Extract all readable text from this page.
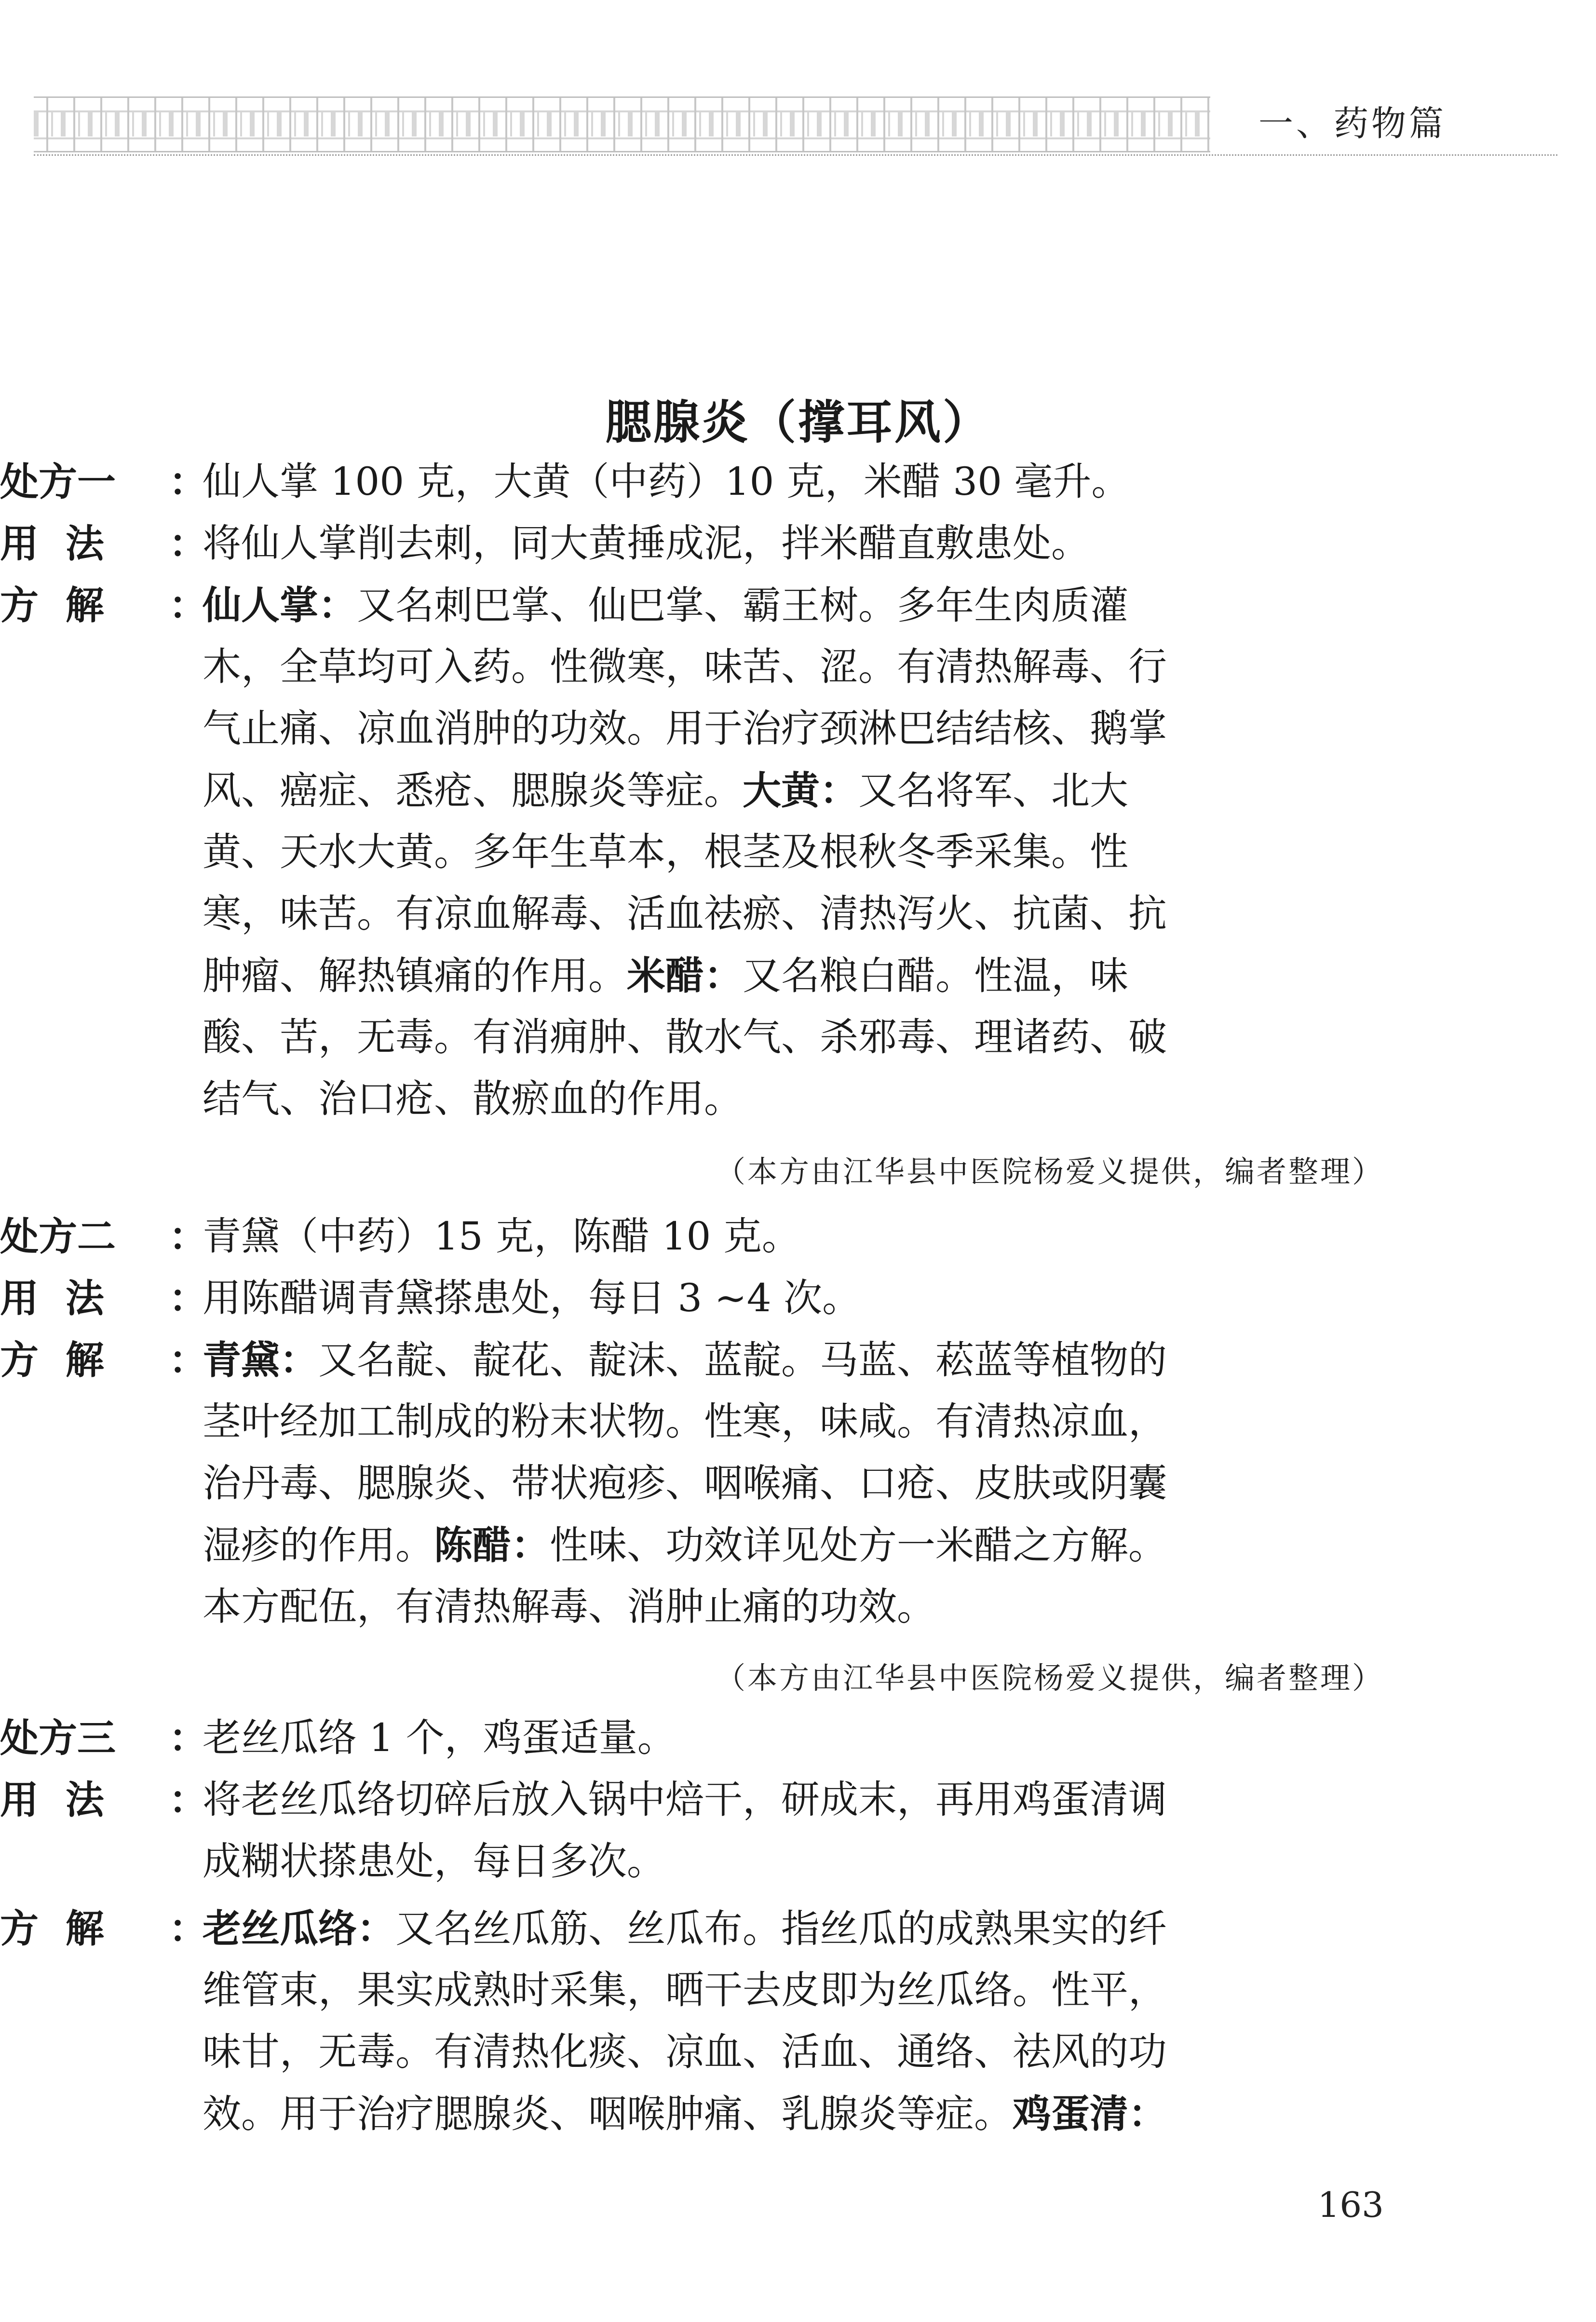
一、药物篇
腮腺炎（撑耳风）
处方一	：
仙人掌 100 克，大黄（中药）10 克，米醋 30 毫升。
用  法	：
将仙人掌削去刺，同大黄捶成泥，拌米醋直敷患处。
方  解	：
仙人掌：又名刺巴掌、仙巴掌、霸王树。多年生肉质灌
木，全草均可入药。性微寒，味苦、涩。有清热解毒、行
气止痛、凉血消肿的功效。用于治疗颈淋巴结结核、鹅掌
风、癌症、悉疮、腮腺炎等症。大黄：又名将军、北大
黄、天水大黄。多年生草本，根茎及根秋冬季采集。性
寒，味苦。有凉血解毒、活血祛瘀、清热泻火、抗菌、抗
肿瘤、解热镇痛的作用。米醋：又名粮白醋。性温，味
酸、苦，无毒。有消痈肿、散水气、杀邪毒、理诸药、破
结气、治口疮、散瘀血的作用。
（本方由江华县中医院杨爱义提供，编者整理）
处方二	：
青黛（中药）15 克，陈醋 10 克。
用  法	：
用陈醋调青黛搽患处，每日 3 ~4 次。
方  解	：
青黛：又名靛、靛花、靛沫、蓝靛。马蓝、菘蓝等植物的
茎叶经加工制成的粉末状物。性寒，味咸。有清热凉血，
治丹毒、腮腺炎、带状疱疹、咽喉痛、口疮、皮肤或阴囊
湿疹的作用。陈醋：性味、功效详见处方一米醋之方解。
本方配伍，有清热解毒、消肿止痛的功效。
（本方由江华县中医院杨爱义提供，编者整理）
处方三	：
老丝瓜络 1 个，鸡蛋适量。
用  法	：
将老丝瓜络切碎后放入锅中焙干，研成末，再用鸡蛋清调
成糊状搽患处，每日多次。
方  解	：
老丝瓜络：又名丝瓜筋、丝瓜布。指丝瓜的成熟果实的纤
维管束，果实成熟时采集，晒干去皮即为丝瓜络。性平，
味甘，无毒。有清热化痰、凉血、活血、通络、祛风的功
效。用于治疗腮腺炎、咽喉肿痛、乳腺炎等症。鸡蛋清：
163
